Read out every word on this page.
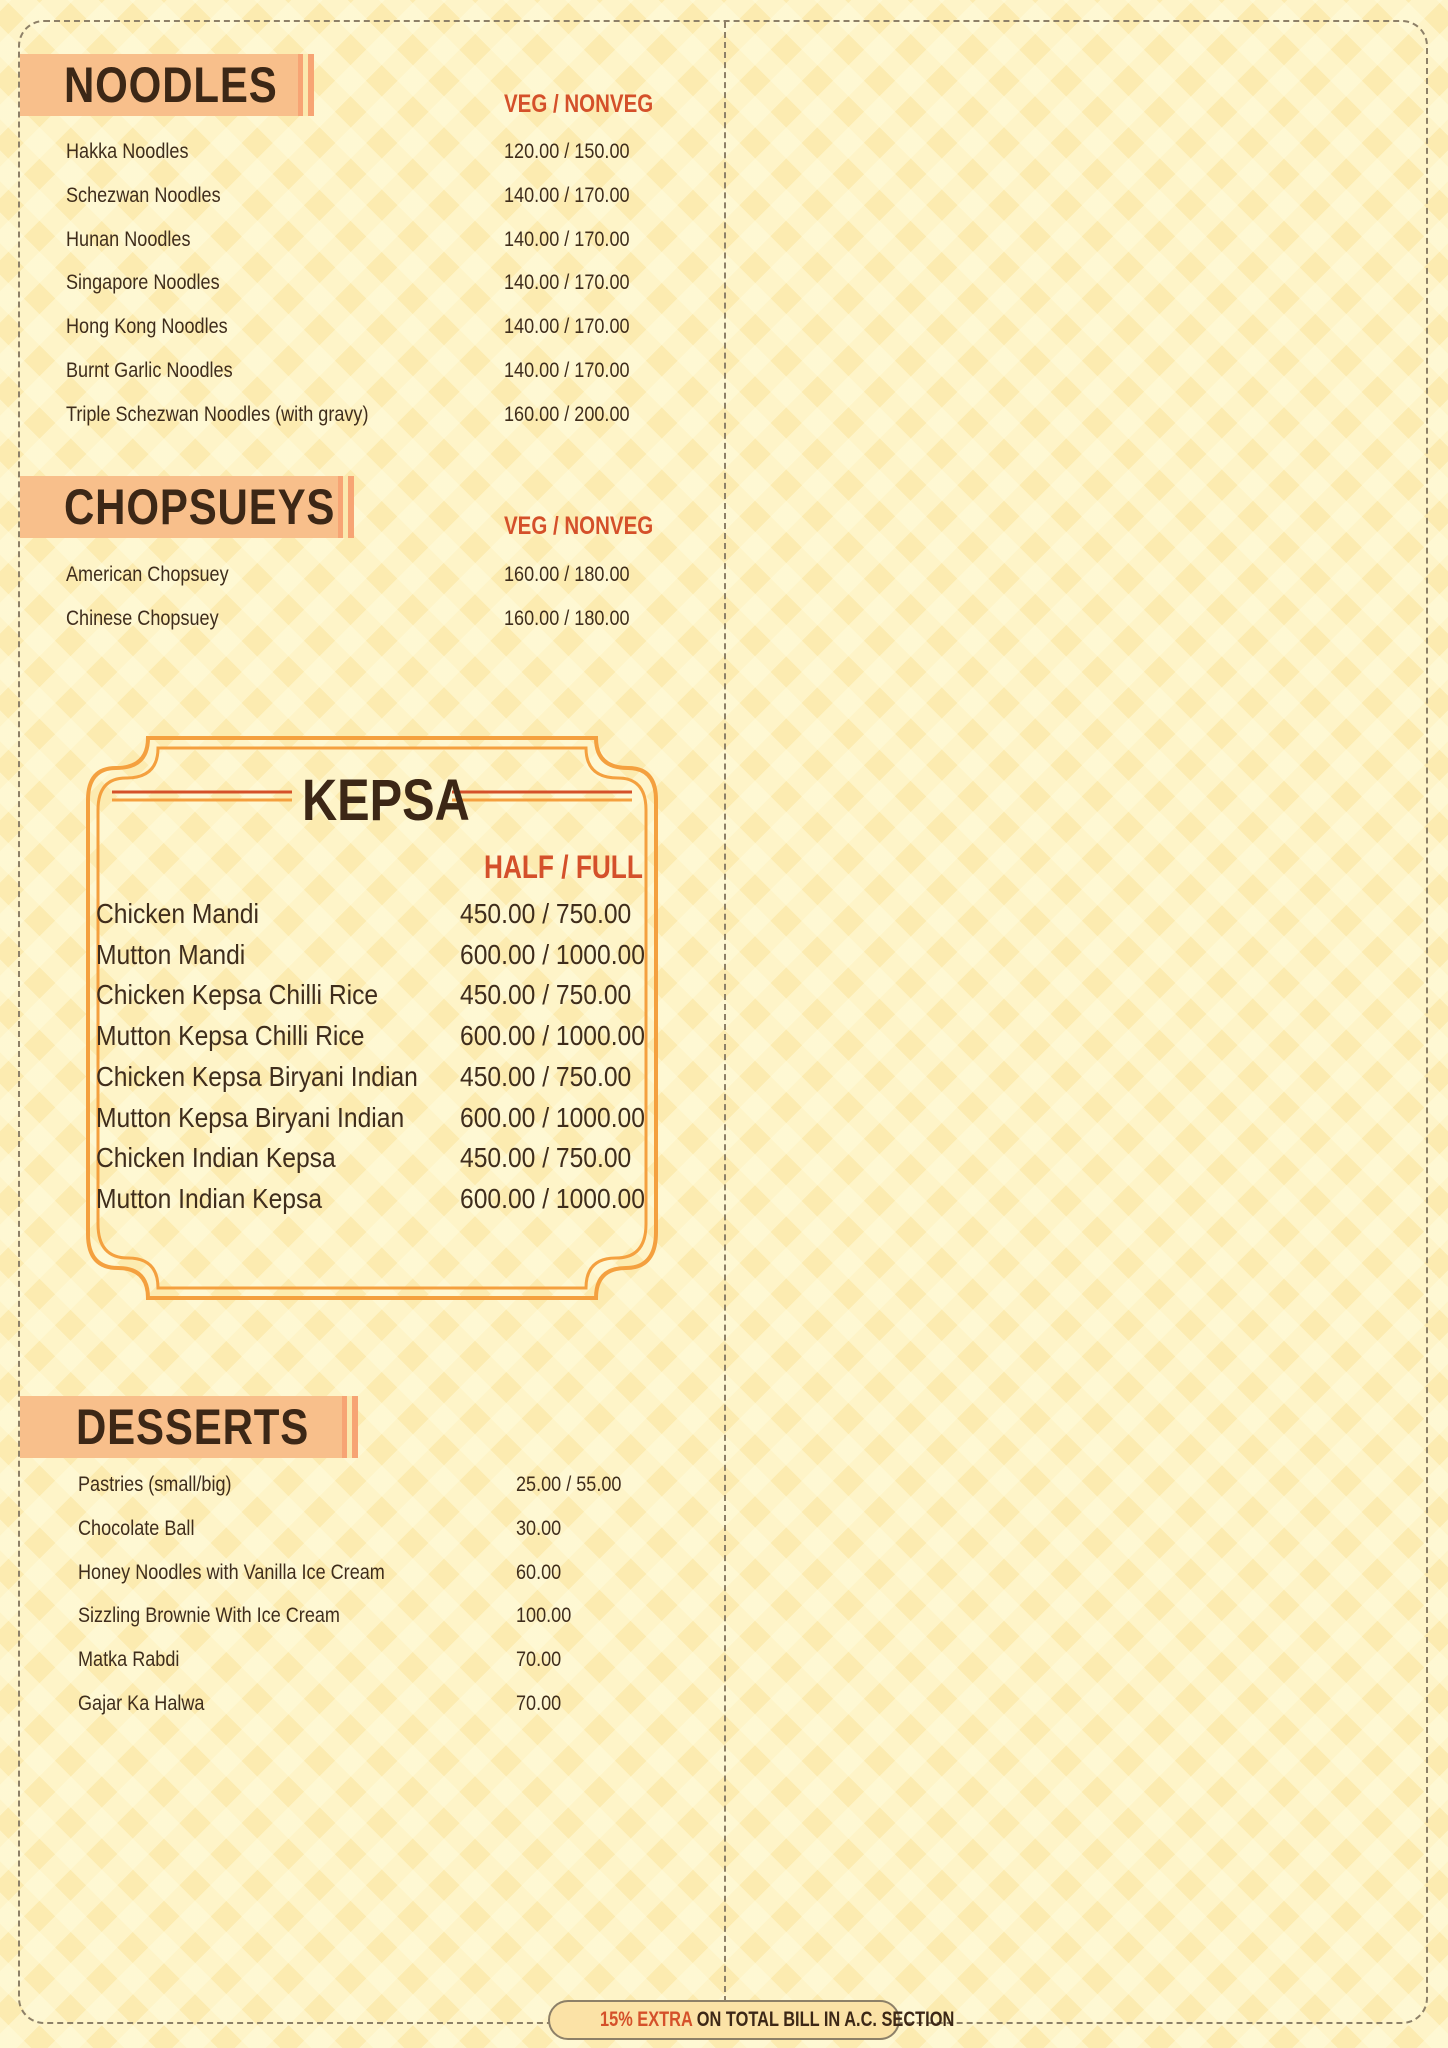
NOODLES	VEG / NONVEG
Hakka Noodles	120.00 / 150.00
Schezwan Noodles	140.00 / 170.00
Hunan Noodles	140.00 / 170.00
Singapore Noodles	140.00 / 170.00
Hong Kong Noodles	140.00 / 170.00
Burnt Garlic Noodles	140.00 / 170.00
Triple Schezwan Noodles (with gravy)	160.00 / 200.00
CHOPSUEYS	VEG / NONVEG
American Chopsuey	160.00 / 180.00
Chinese Chopsuey	160.00 / 180.00
KEPSA
HALF / FULL
Chicken Mandi	450.00 / 750.00
Mutton Mandi	600.00 / 1000.00
Chicken Kepsa Chilli Rice	450.00 / 750.00
Mutton Kepsa Chilli Rice	600.00 / 1000.00
Chicken Kepsa Biryani Indian 450.00 / 750.00
Mutton Kepsa Biryani Indian 600.00 / 1000.00
Chicken Indian Kepsa	450.00 / 750.00
Mutton Indian Kepsa	600.00 / 1000.00
DESSERTS
Pastries (small/big)	25.00 / 55.00
Chocolate Ball	30.00
Honey Noodles with Vanilla Ice Cream	60.00
Sizzling Brownie With Ice Cream	100.00
Matka Rabdi	70.00
Gajar Ka Halwa	70.00
15% EXTRA ON TOTAL BILL IN A.C. SECTION
